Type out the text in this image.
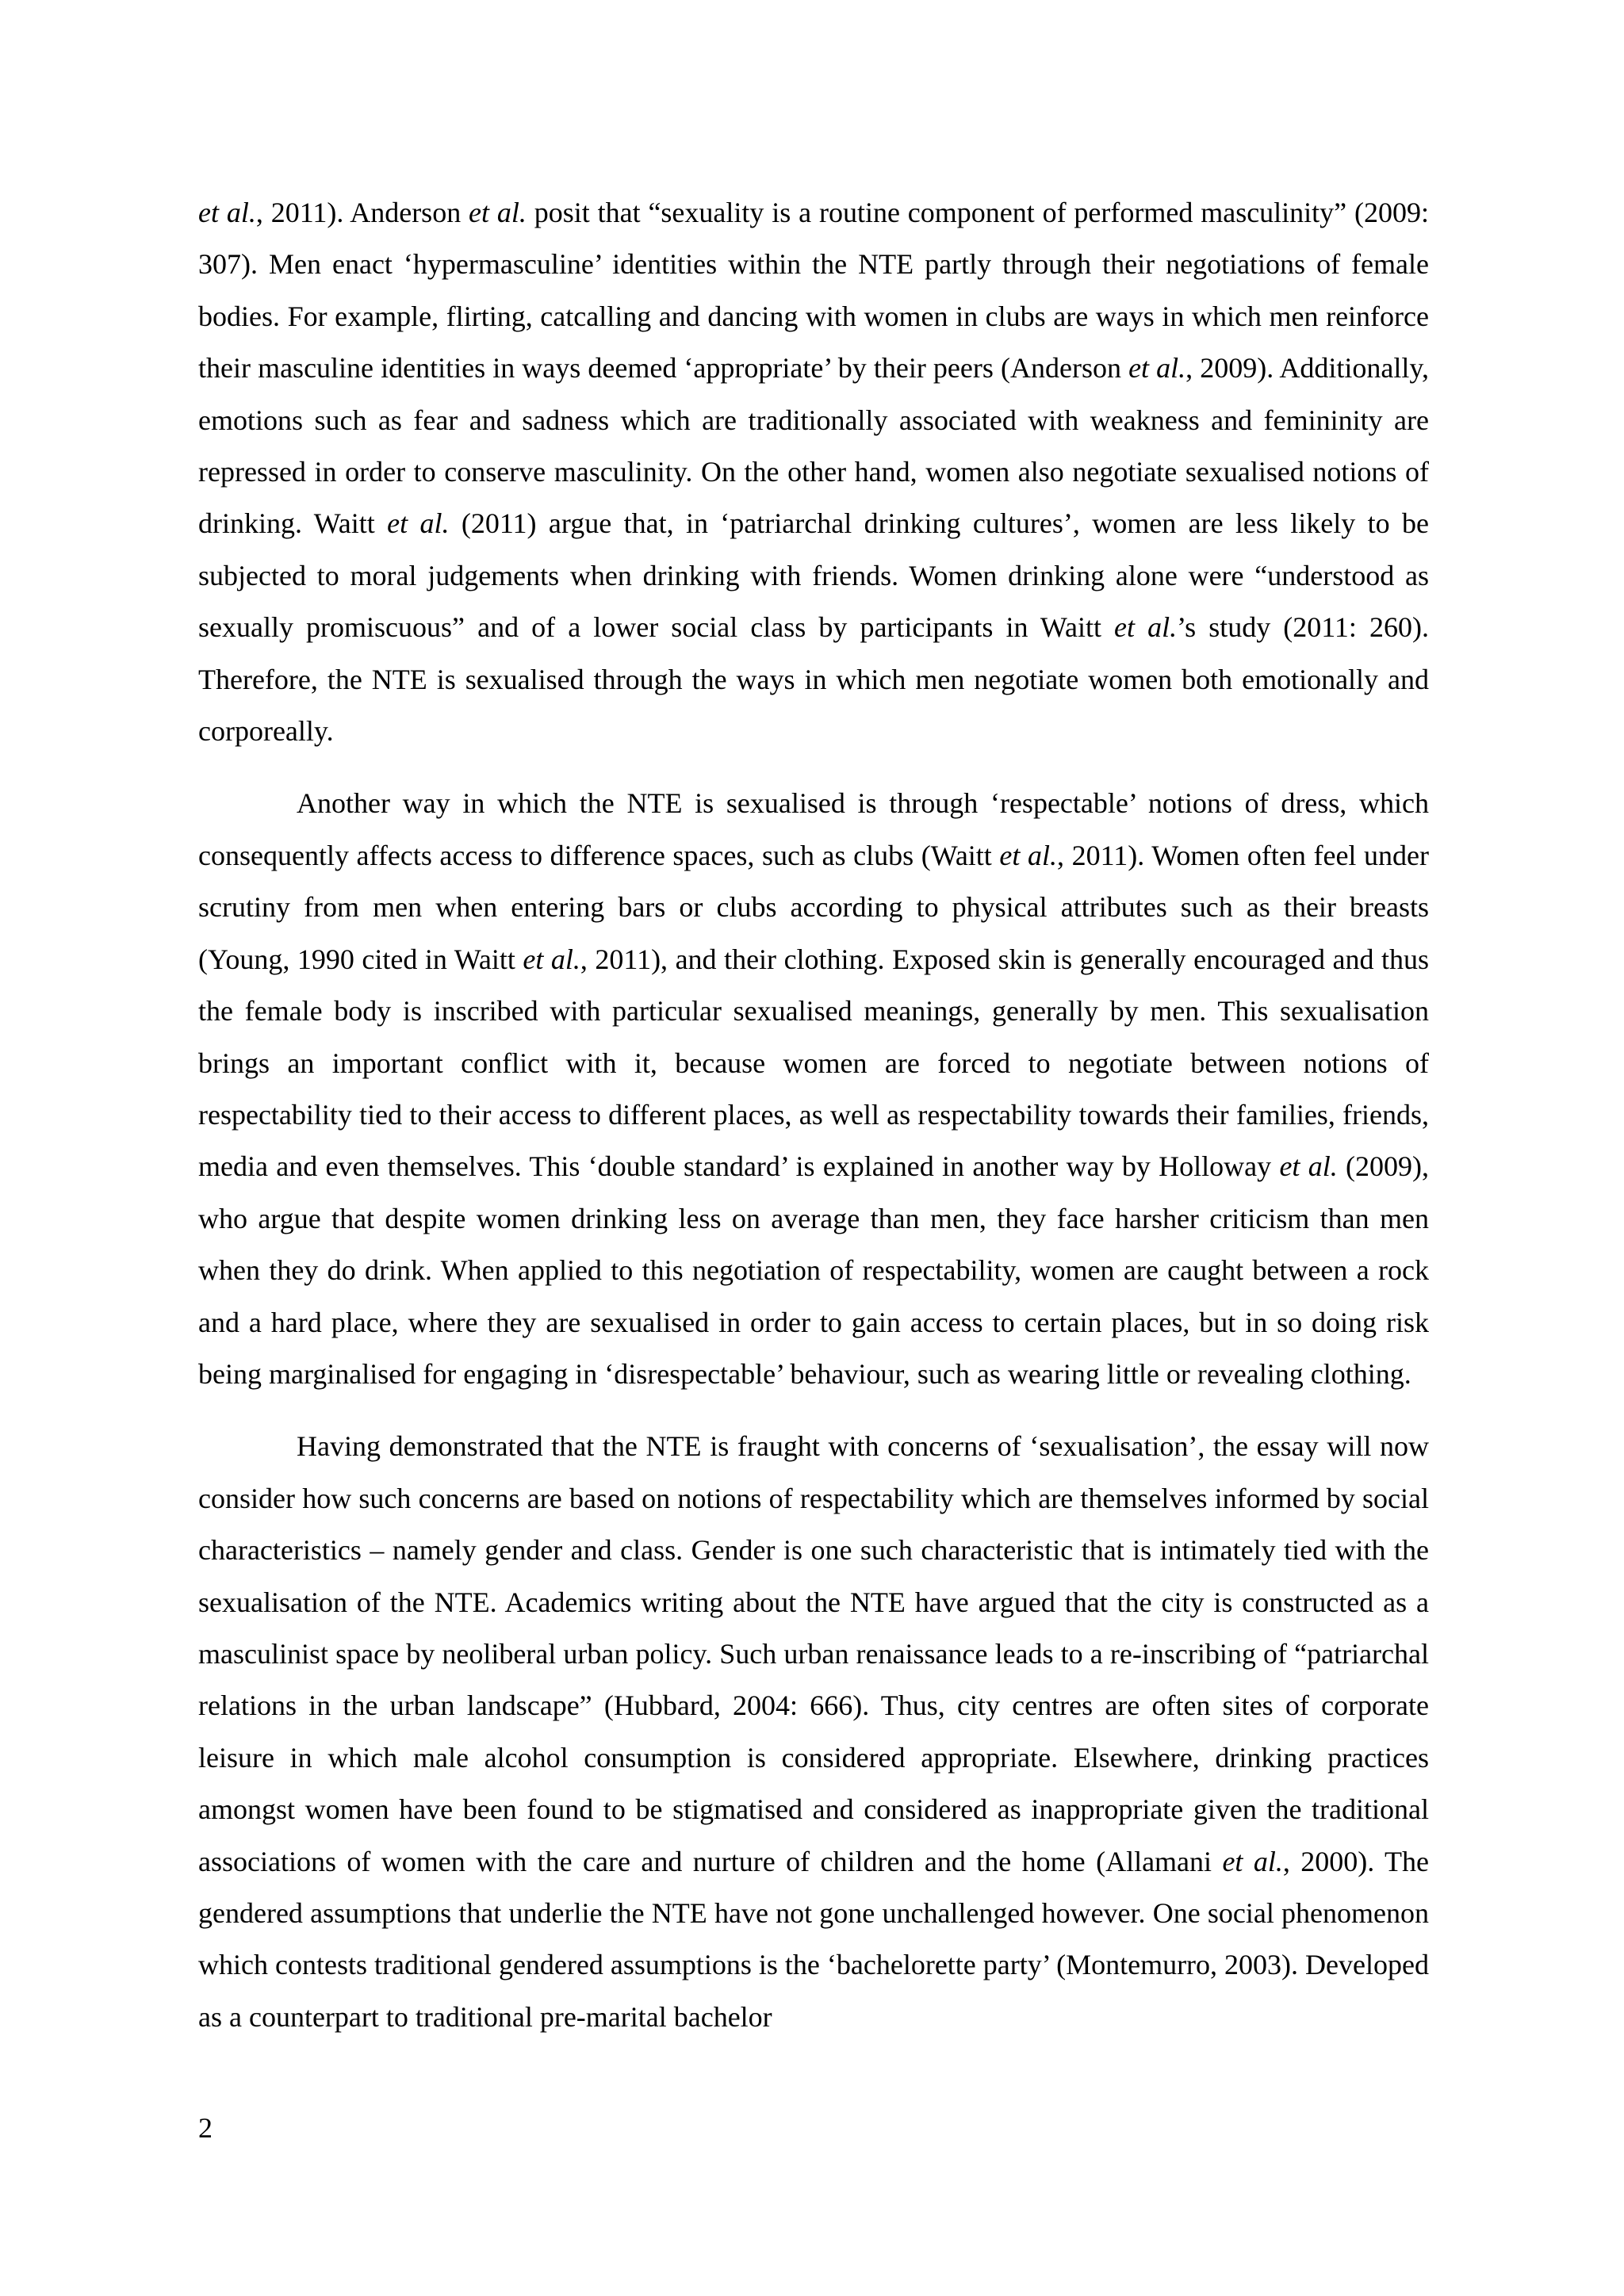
et al., 2011). Anderson et al. posit that “sexuality is a routine component of performed masculinity” (2009: 307). Men enact ‘hypermasculine’ identities within the NTE partly through their negotiations of female bodies. For example, flirting, catcalling and dancing with women in clubs are ways in which men reinforce their masculine identities in ways deemed ‘appropriate’ by their peers (Anderson et al., 2009). Additionally, emotions such as fear and sadness which are traditionally associated with weakness and femininity are repressed in order to conserve masculinity. On the other hand, women also negotiate sexualised notions of drinking. Waitt et al. (2011) argue that, in ‘patriarchal drinking cultures’, women are less likely to be subjected to moral judgements when drinking with friends. Women drinking alone were “understood as sexually promiscuous” and of a lower social class by participants in Waitt et al.’s study (2011: 260). Therefore, the NTE is sexualised through the ways in which men negotiate women both emotionally and corporeally.

Another way in which the NTE is sexualised is through ‘respectable’ notions of dress, which consequently affects access to difference spaces, such as clubs (Waitt et al., 2011). Women often feel under scrutiny from men when entering bars or clubs according to physical attributes such as their breasts (Young, 1990 cited in Waitt et al., 2011), and their clothing. Exposed skin is generally encouraged and thus the female body is inscribed with particular sexualised meanings, generally by men. This sexualisation brings an important conflict with it, because women are forced to negotiate between notions of respectability tied to their access to different places, as well as respectability towards their families, friends, media and even themselves. This ‘double standard’ is explained in another way by Holloway et al. (2009), who argue that despite women drinking less on average than men, they face harsher criticism than men when they do drink. When applied to this negotiation of respectability, women are caught between a rock and a hard place, where they are sexualised in order to gain access to certain places, but in so doing risk being marginalised for engaging in ‘disrespectable’ behaviour, such as wearing little or revealing clothing.

Having demonstrated that the NTE is fraught with concerns of ‘sexualisation’, the essay will now consider how such concerns are based on notions of respectability which are themselves informed by social characteristics – namely gender and class. Gender is one such characteristic that is intimately tied with the sexualisation of the NTE. Academics writing about the NTE have argued that the city is constructed as a masculinist space by neoliberal urban policy. Such urban renaissance leads to a re-inscribing of “patriarchal relations in the urban landscape” (Hubbard, 2004: 666). Thus, city centres are often sites of corporate leisure in which male alcohol consumption is considered appropriate. Elsewhere, drinking practices amongst women have been found to be stigmatised and considered as inappropriate given the traditional associations of women with the care and nurture of children and the home (Allamani et al., 2000). The gendered assumptions that underlie the NTE have not gone unchallenged however. One social phenomenon which contests traditional gendered assumptions is the ‘bachelorette party’ (Montemurro, 2003). Developed as a counterpart to traditional pre-marital bachelor

2
